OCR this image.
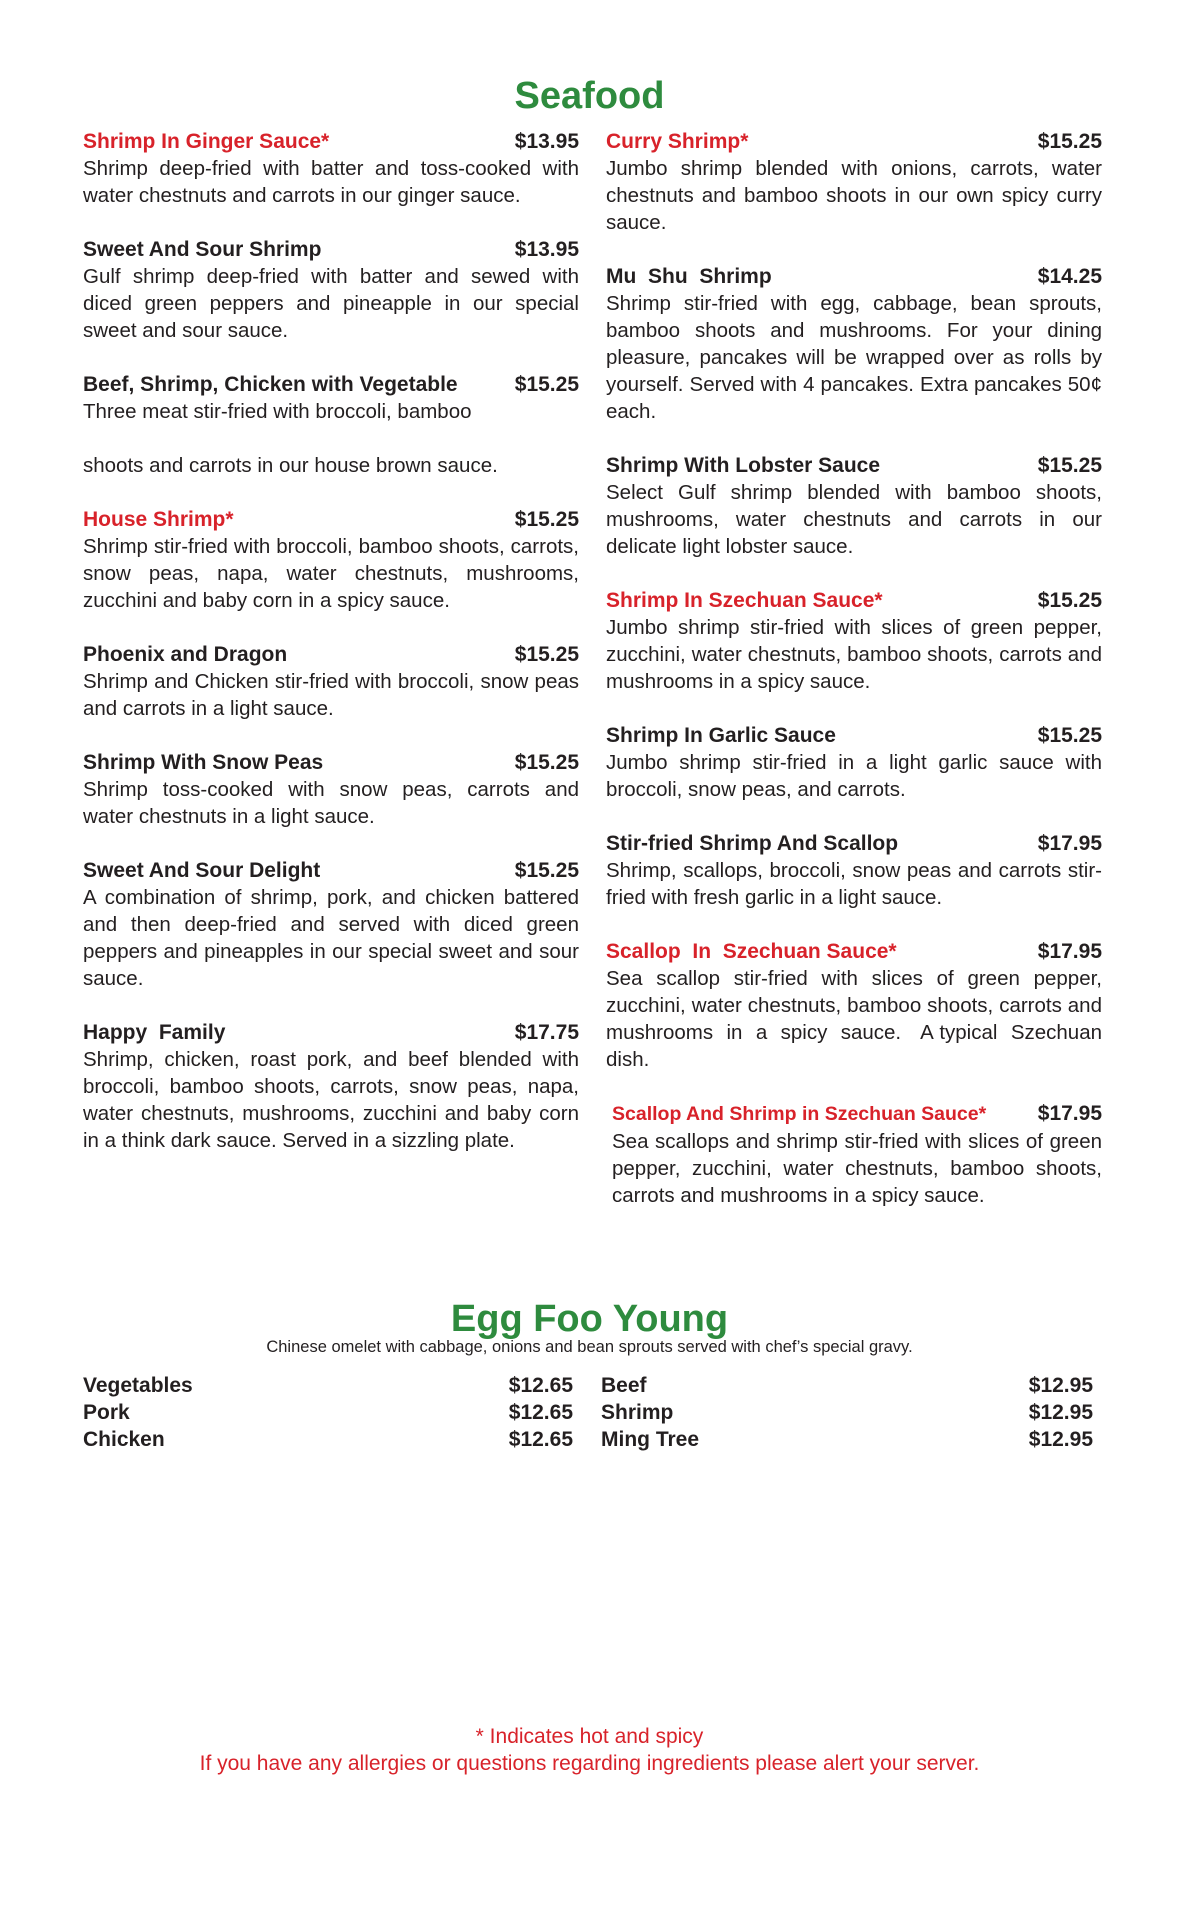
Seafood
Shrimp In Ginger Sauce*	$13.95

Shrimp deep-fried with batter and toss-cooked with water chestnuts and carrots in our ginger sauce.

Sweet And Sour Shrimp	$13.95

Gulf shrimp deep-fried with batter and sewed with diced green peppers and pineapple in our special sweet and sour sauce.

Beef, Shrimp, Chicken with Vegetable	$15.25

Three meat stir-fried with broccoli, bamboo

shoots and carrots in our house brown sauce.

House Shrimp*	$15.25

Shrimp stir-fried with broccoli, bamboo shoots, carrots, snow peas, napa, water chestnuts, mushrooms, zucchini and baby corn in a spicy sauce.

Phoenix and Dragon	$15.25

Shrimp and Chicken stir-fried with broccoli, snow peas and carrots in a light sauce.

Shrimp With Snow Peas	$15.25

Shrimp toss-cooked with snow peas, carrots and water chestnuts in a light sauce.

Sweet And Sour Delight	$15.25

A combination of shrimp, pork, and chicken battered and then deep-fried and served with diced green peppers and pineapples in our special sweet and sour sauce.

Happy  Family	$17.75

Shrimp, chicken, roast pork, and beef blended with broccoli, bamboo shoots, carrots, snow peas, napa, water chestnuts, mushrooms, zucchini and baby corn in a think dark sauce. Served in a sizzling plate.

Curry Shrimp*	$15.25

Jumbo shrimp blended with onions, carrots, water chestnuts and bamboo shoots in our own spicy curry sauce.

Mu  Shu  Shrimp	$14.25

Shrimp stir-fried with egg, cabbage, bean sprouts, bamboo shoots and mushrooms. For your dining pleasure, pancakes will be wrapped over as rolls by yourself. Served with 4 pancakes. Extra pancakes 50¢ each.

Shrimp With Lobster Sauce	$15.25

Select Gulf shrimp blended with bamboo shoots, mushrooms, water chestnuts and carrots in our delicate light lobster sauce.

Shrimp In Szechuan Sauce*	$15.25

Jumbo shrimp stir-fried with slices of green pepper, zucchini, water chestnuts, bamboo shoots, carrots and mushrooms in a spicy sauce.

Shrimp In Garlic Sauce	$15.25

Jumbo shrimp stir-fried in a light garlic sauce with broccoli, snow peas, and carrots.

Stir-fried Shrimp And Scallop	$17.95

Shrimp, scallops, broccoli, snow peas and carrots stir-fried with fresh garlic in a light sauce.

Scallop  In  Szechuan Sauce*	$17.95

Sea scallop stir-fried with slices of green pepper, zucchini, water chestnuts, bamboo shoots, carrots and  mushrooms  in  a  spicy  sauce.   A typical  Szechuan dish.

Scallop And Shrimp in Szechuan Sauce* $17.95

Sea scallops and shrimp stir-fried with slices of green pepper, zucchini, water chestnuts, bamboo shoots, carrots and mushrooms in a spicy sauce.

Egg Foo Young

Chinese omelet with cabbage, onions and bean sprouts served with chef’s special gravy.

Vegetables	$12.65
Pork	$12.65
Chicken	$12.65
Beef	$12.95
Shrimp	$12.95
Ming Tree	$12.95
* Indicates hot and spicy
If you have any allergies or questions regarding ingredients please alert your server.
